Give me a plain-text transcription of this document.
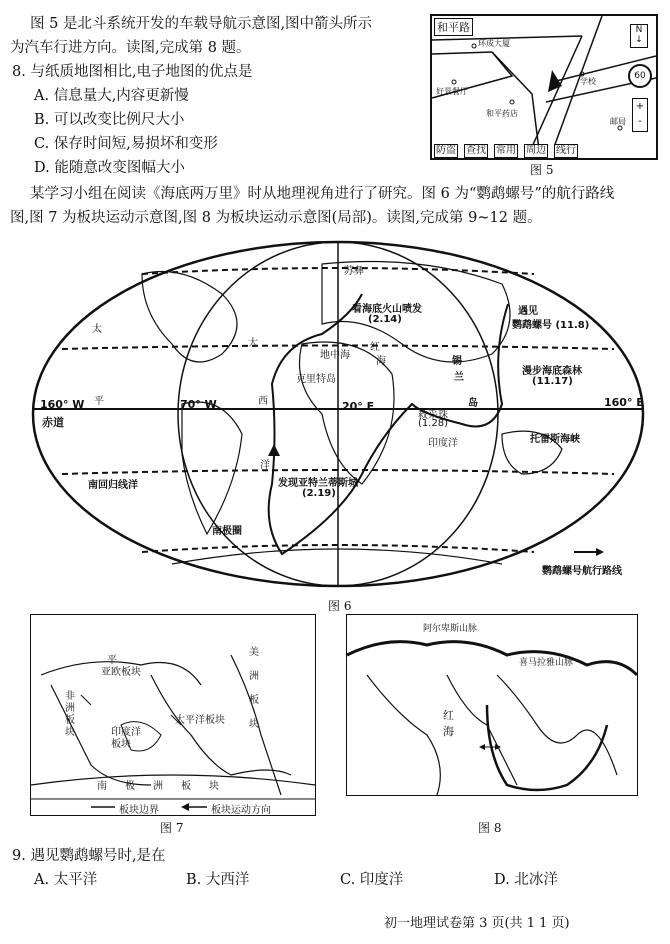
图 5 是北斗系统开发的车载导航示意图,图中箭头所示
为汽车行进方向。读图,完成第 8 题。
8. 与纸质地图相比,电子地图的优点是
A. 信息量大,内容更新慢
B. 可以改变比例尺大小
C. 保存时间短,易损坏和变形
D. 能随意改变图幅大小
和平路
环成大厦
好景餐厅
和平药店
学校
邮局
N
↓
60
+
-
防盗 查找 常用 周边 线行
图 5
某学习小组在阅读《海底两万里》时从地理视角进行了研究。图 6 为“鹦鹉螺号”的航行路线
图,图 7 为板块运动示意图,图 8 为板块运动示意图(局部)。读图,完成第 9~12 题。
太
平
大
西
洋
160° W	70° W	20° E	160° E
赤道
南回归线洋
苏彝
地中海
红
海
克里特岛
锡
兰
岛
救采珠
(1.28)
印度洋	托雷斯海峡
南极圈
看海底火山喷发
(2.14)
遇见
鹦鹉螺号 (11.8)
漫步海底森林
(11.17)
发现亚特兰蒂斯城
(2.19)
鹦鹉螺号航行路线
图 6
亚欧板块
太平洋板块
平
非
洲
板
块	印度洋
板块
美
洲
板
块
南极洲板块
板块边界	板块运动方向
图 7
阿尔卑斯山脉
喜马拉雅山脉
红
海
图 8
9. 遇见鹦鹉螺号时,是在
A. 太平洋	B. 大西洋	C. 印度洋	D. 北冰洋
初一地理试卷第 3 页(共 1 1 页)
